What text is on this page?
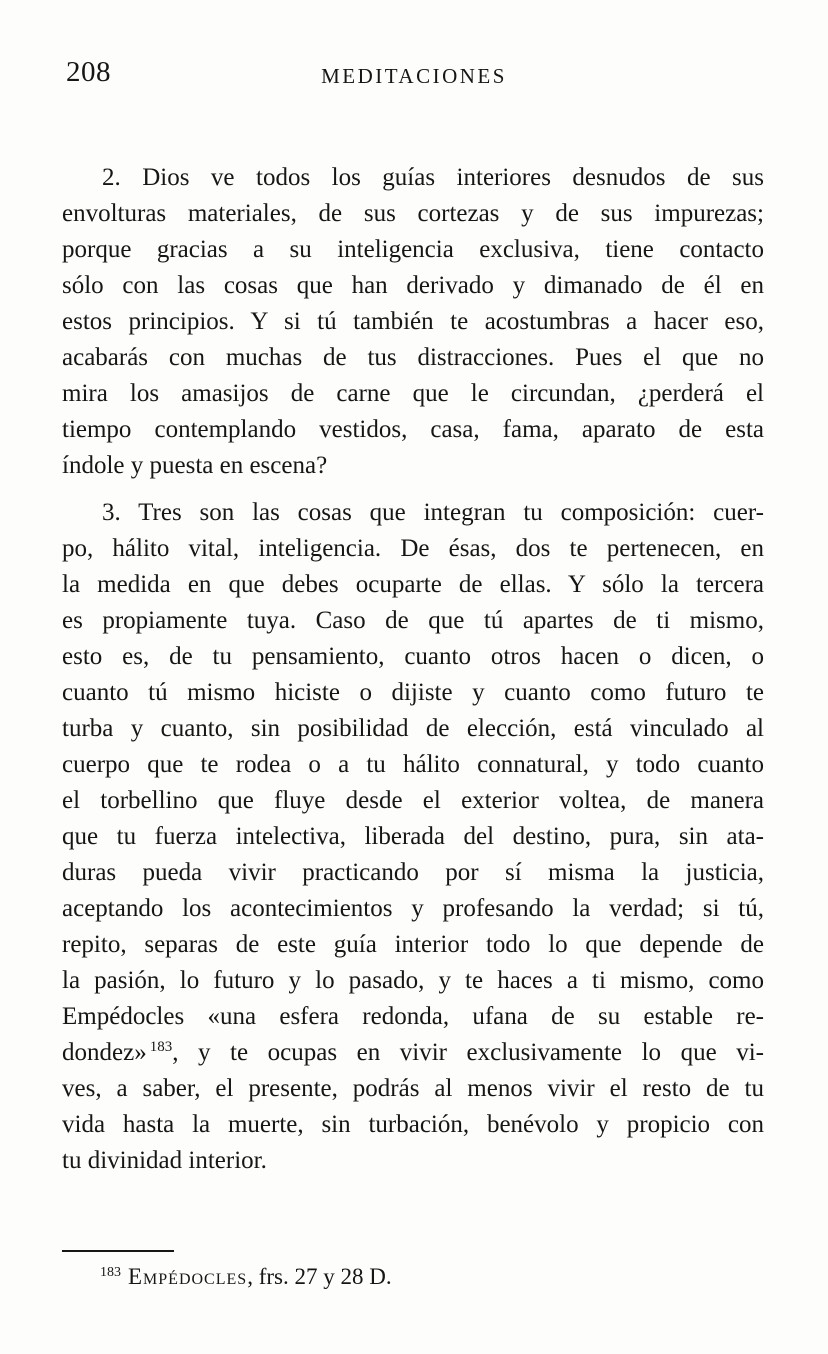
208	MEDITACIONES
2. Dios ve todos los guías interiores desnudos de sus
envolturas materiales, de sus cortezas y de sus impurezas;
porque gracias a su inteligencia exclusiva, tiene contacto
sólo con las cosas que han derivado y dimanado de él en
estos principios. Y si tú también te acostumbras a hacer eso,
acabarás con muchas de tus distracciones. Pues el que no
mira los amasijos de carne que le circundan, ¿perderá el
tiempo contemplando vestidos, casa, fama, aparato de esta
índole y puesta en escena?
3. Tres son las cosas que integran tu composición: cuer-
po, hálito vital, inteligencia. De ésas, dos te pertenecen, en
la medida en que debes ocuparte de ellas. Y sólo la tercera
es propiamente tuya. Caso de que tú apartes de ti mismo,
esto es, de tu pensamiento, cuanto otros hacen o dicen, o
cuanto tú mismo hiciste o dijiste y cuanto como futuro te
turba y cuanto, sin posibilidad de elección, está vinculado al
cuerpo que te rodea o a tu hálito connatural, y todo cuanto
el torbellino que fluye desde el exterior voltea, de manera
que tu fuerza intelectiva, liberada del destino, pura, sin ata-
duras pueda vivir practicando por sí misma la justicia,
aceptando los acontecimientos y profesando la verdad; si tú,
repito, separas de este guía interior todo lo que depende de
la pasión, lo futuro y lo pasado, y te haces a ti mismo, como
Empédocles «una esfera redonda, ufana de su estable re-
dondez» $^{183}$, y te ocupas en vivir exclusivamente lo que vi-
ves, a saber, el presente, podrás al menos vivir el resto de tu
vida hasta la muerte, sin turbación, benévolo y propicio con
tu divinidad interior.
$^{183}$ Empédocles, frs. 27 y 28 D.
